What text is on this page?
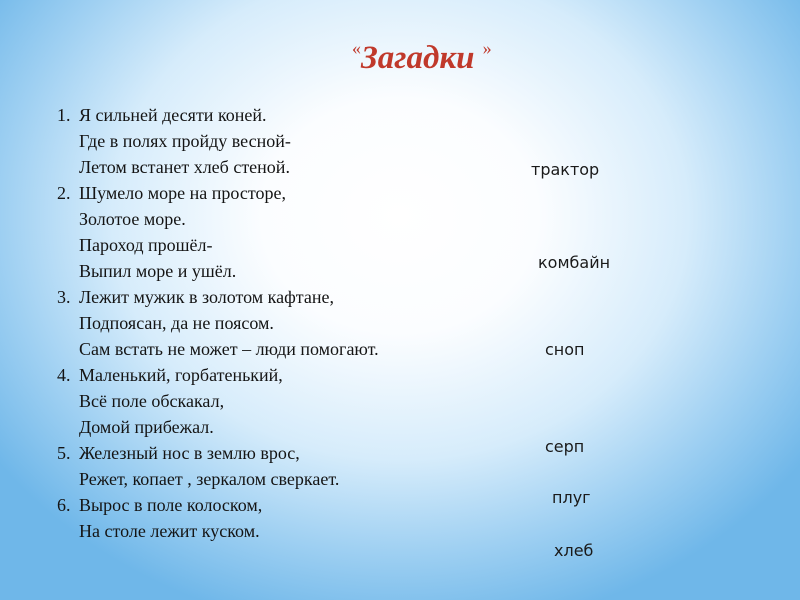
«Загадки »
1. Я сильней десяти коней.
Где в полях пройду весной-
Летом встанет хлеб стеной.
2. Шумело море на просторе,
Золотое море.
Пароход прошёл-
Выпил море и ушёл.
3. Лежит мужик в золотом кафтане,
Подпоясан, да не поясом.
Сам встать не может – люди помогают.
4. Маленький, горбатенький,
Всё поле обскакал,
Домой прибежал.
5. Железный нос в землю врос,
Режет, копает , зеркалом сверкает.
6. Вырос в поле колоском,
На столе лежит куском.
трактор
комбайн
сноп
серп
плуг
хлеб
